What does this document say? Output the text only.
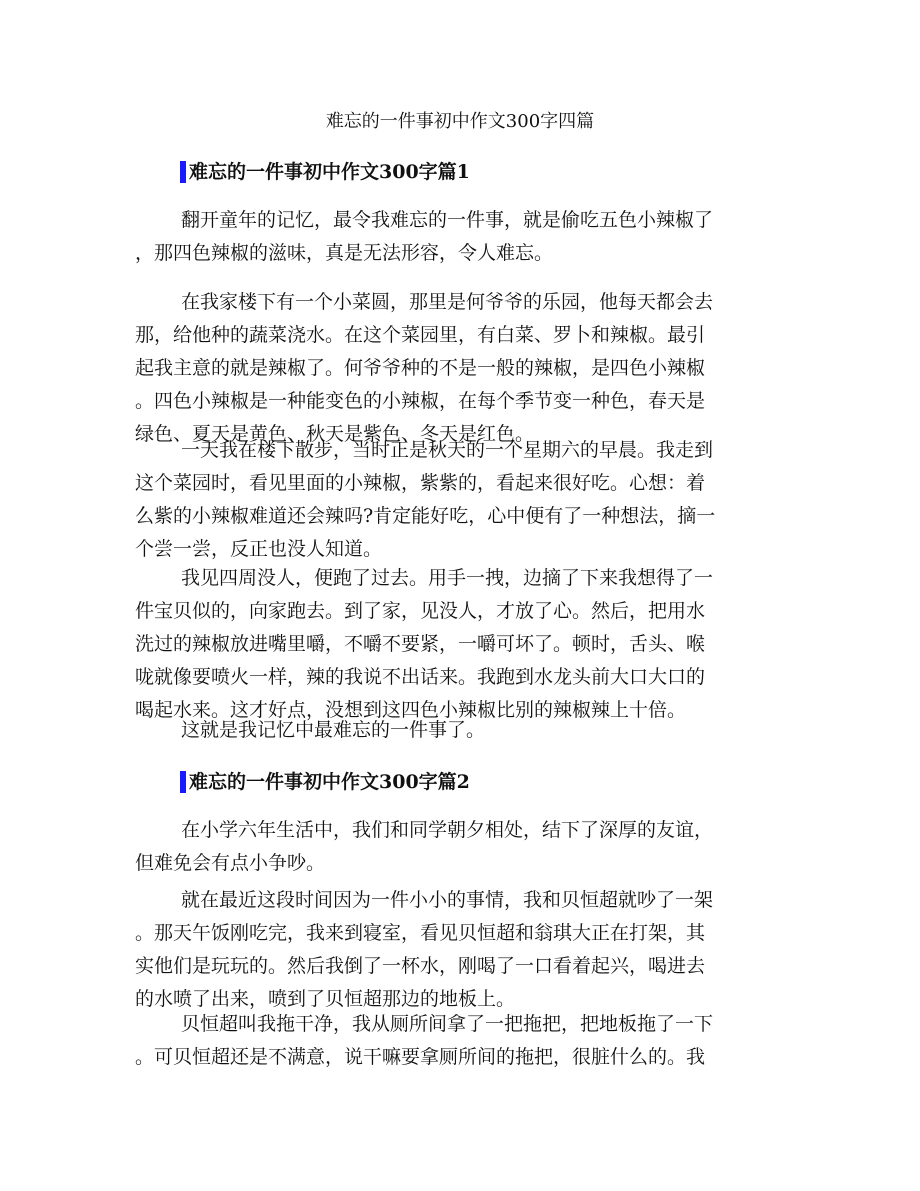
难忘的一件事初中作文300字四篇
难忘的一件事初中作文300字篇1

翻开童年的记忆，最令我难忘的一件事，就是偷吃五色小辣椒了
，那四色辣椒的滋味，真是无法形容，令人难忘。

在我家楼下有一个小菜圆，那里是何爷爷的乐园，他每天都会去
那，给他种的蔬菜浇水。在这个菜园里，有白菜、罗卜和辣椒。最引
起我主意的就是辣椒了。何爷爷种的不是一般的辣椒，是四色小辣椒
。四色小辣椒是一种能变色的小辣椒，在每个季节变一种色，春天是
绿色、夏天是黄色、秋天是紫色、冬天是红色。

一天我在楼下散步，当时正是秋天的一个星期六的早晨。我走到
这个菜园时，看见里面的小辣椒，紫紫的，看起来很好吃。心想：着
么紫的小辣椒难道还会辣吗?肯定能好吃，心中便有了一种想法，摘一
个尝一尝，反正也没人知道。

我见四周没人，便跑了过去。用手一拽，边摘了下来我想得了一
件宝贝似的，向家跑去。到了家，见没人，才放了心。然后，把用水
洗过的辣椒放进嘴里嚼，不嚼不要紧，一嚼可坏了。顿时，舌头、喉
咙就像要喷火一样，辣的我说不出话来。我跑到水龙头前大口大口的
喝起水来。这才好点，没想到这四色小辣椒比别的辣椒辣上十倍。

这就是我记忆中最难忘的一件事了。

难忘的一件事初中作文300字篇2

在小学六年生活中，我们和同学朝夕相处，结下了深厚的友谊，
但难免会有点小争吵。

就在最近这段时间因为一件小小的事情，我和贝恒超就吵了一架
。那天午饭刚吃完，我来到寝室，看见贝恒超和翁琪大正在打架，其
实他们是玩玩的。然后我倒了一杯水，刚喝了一口看着起兴，喝进去
的水喷了出来，喷到了贝恒超那边的地板上。

贝恒超叫我拖干净，我从厕所间拿了一把拖把，把地板拖了一下
。可贝恒超还是不满意，说干嘛要拿厕所间的拖把，很脏什么的。我
